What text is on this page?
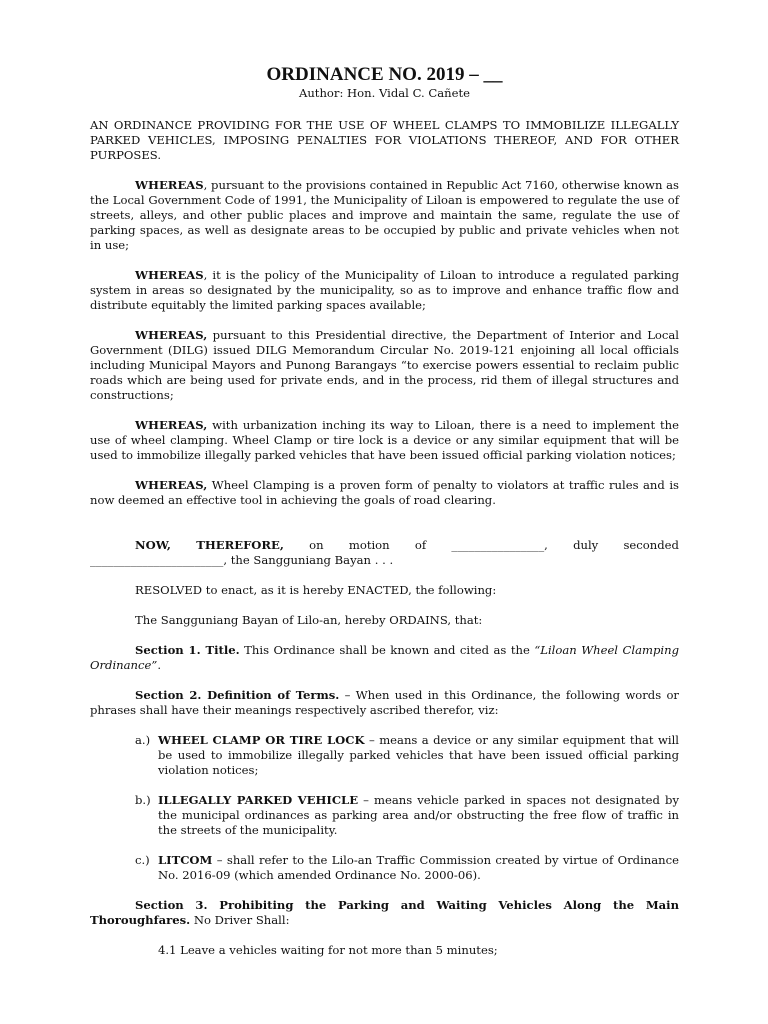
ORDINANCE NO. 2019 – __
Author: Hon. Vidal C. Cañete

AN ORDINANCE PROVIDING FOR THE USE OF WHEEL CLAMPS TO IMMOBILIZE ILLEGALLY PARKED VEHICLES, IMPOSING PENALTIES FOR VIOLATIONS THEREOF, AND FOR OTHER PURPOSES.

WHEREAS, pursuant to the provisions contained in Republic Act 7160, otherwise known as the Local Government Code of 1991, the Municipality of Liloan is empowered to regulate the use of streets, alleys, and other public places and improve and maintain the same, regulate the use of parking spaces, as well as designate areas to be occupied by public and private vehicles when not in use;

WHEREAS, it is the policy of the Municipality of Liloan to introduce a regulated parking system in areas so designated by the municipality, so as to improve and enhance traffic flow and distribute equitably the limited parking spaces available;

WHEREAS, pursuant to this Presidential directive, the Department of Interior and Local Government (DILG) issued DILG Memorandum Circular No. 2019-121 enjoining all local officials including Municipal Mayors and Punong Barangays “to exercise powers essential to reclaim public roads which are being used for private ends, and in the process, rid them of illegal structures and constructions;

WHEREAS, with urbanization inching its way to Liloan, there is a need to implement the use of wheel clamping. Wheel Clamp or tire lock is a device or any similar equipment that will be used to immobilize illegally parked vehicles that have been issued official parking violation notices;

WHEREAS, Wheel Clamping is a proven form of penalty to violators at traffic rules and is now deemed an effective tool in achieving the goals of road clearing.

NOW, THEREFORE, on motion of ________________, duly seconded

_______________________, the Sangguniang Bayan . . .

RESOLVED to enact, as it is hereby ENACTED, the following:

The Sangguniang Bayan of Lilo-an, hereby ORDAINS, that:

Section 1. Title. This Ordinance shall be known and cited as the “Liloan Wheel Clamping Ordinance”.

Section 2. Definition of Terms. – When used in this Ordinance, the following words or phrases shall have their meanings respectively ascribed therefor, viz:

a.) WHEEL CLAMP OR TIRE LOCK – means a device or any similar equipment that will be used to immobilize illegally parked vehicles that have been issued official parking violation notices;
b.) ILLEGALLY PARKED VEHICLE – means vehicle parked in spaces not designated by the municipal ordinances as parking area and/or obstructing the free flow of traffic in the streets of the municipality.
c.) LITCOM – shall refer to the Lilo-an Traffic Commission created by virtue of Ordinance No. 2016-09 (which amended Ordinance No. 2000-06).

Section 3. Prohibiting the Parking and Waiting Vehicles Along the Main Thoroughfares. No Driver Shall:

4.1 Leave a vehicles waiting for not more than 5 minutes;
